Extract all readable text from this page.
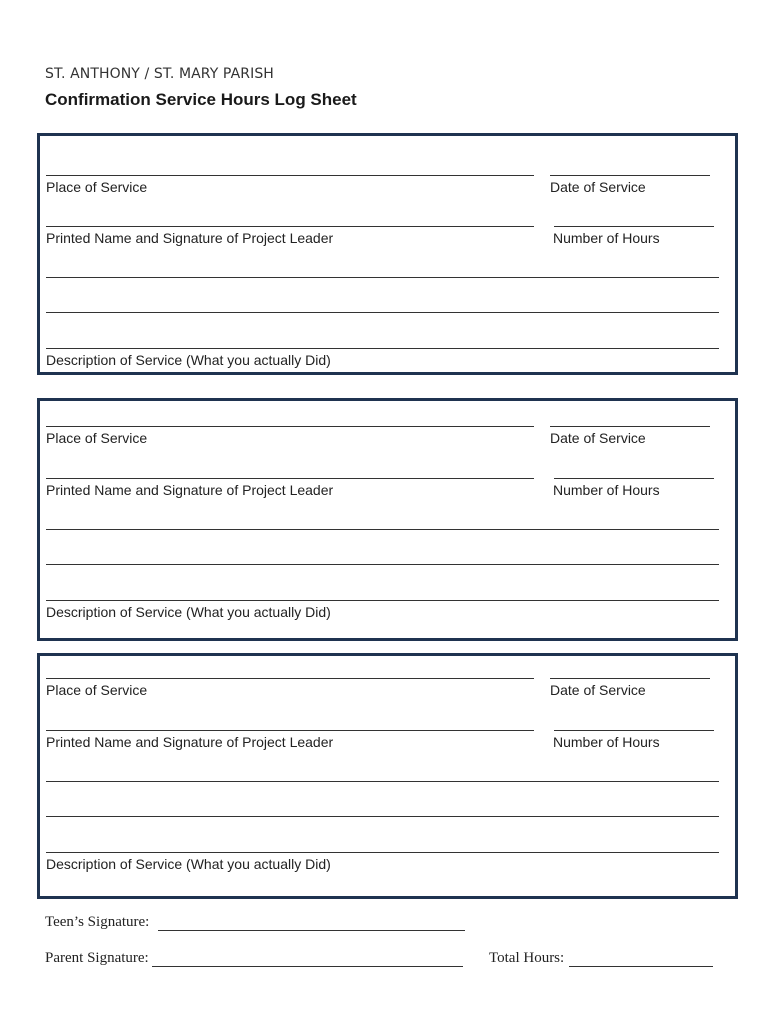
ST. ANTHONY / ST. MARY PARISH
Confirmation Service Hours Log Sheet
Place of Service	Date of Service
Printed Name and Signature of Project Leader	Number of Hours
Description of Service (What you actually Did)
Place of Service	Date of Service
Printed Name and Signature of Project Leader	Number of Hours
Description of Service (What you actually Did)
Place of Service	Date of Service
Printed Name and Signature of Project Leader	Number of Hours
Description of Service (What you actually Did)
Teen’s Signature:
Parent Signature:	Total Hours:
